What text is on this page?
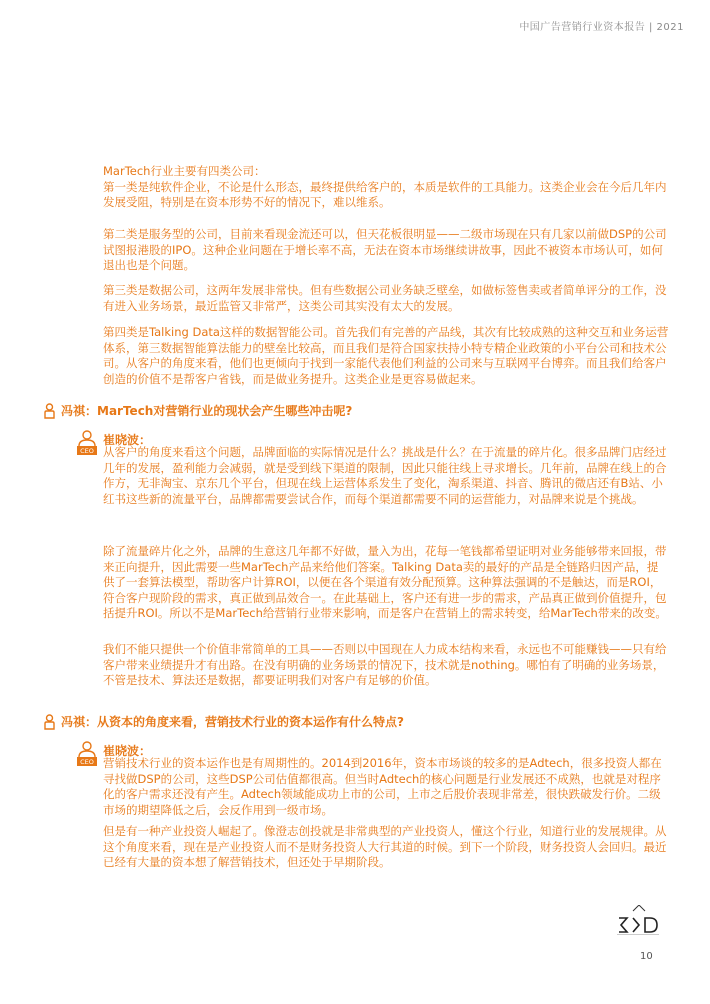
中国广告营销行业资本报告 | 2021

MarTech行业主要有四类公司：
第一类是纯软件企业，不论是什么形态，最终提供给客户的，本质是软件的工具能力。这类企业会在今后几年内发展受阻，特别是在资本形势不好的情况下，难以维系。

第二类是服务型的公司，目前来看现金流还可以，但天花板很明显——二级市场现在只有几家以前做DSP的公司试图报港股的IPO。这种企业问题在于增长率不高，无法在资本市场继续讲故事，因此不被资本市场认可，如何退出也是个问题。

第三类是数据公司，这两年发展非常快。但有些数据公司业务缺乏壁垒，如做标签售卖或者简单评分的工作，没有进入业务场景，最近监管又非常严，这类公司其实没有太大的发展。

第四类是Talking Data这样的数据智能公司。首先我们有完善的产品线，其次有比较成熟的这种交互和业务运营体系，第三数据智能算法能力的壁垒比较高，而且我们是符合国家扶持小特专精企业政策的小平台公司和技术公司。从客户的角度来看，他们也更倾向于找到一家能代表他们利益的公司来与互联网平台博弈。而且我们给客户创造的价值不是帮客户省钱，而是做业务提升。这类企业是更容易做起来。

冯祺：MarTech对营销行业的现状会产生哪些冲击呢?
CEO
崔晓波：

从客户的角度来看这个问题，品牌面临的实际情况是什么？挑战是什么？在于流量的碎片化。很多品牌门店经过几年的发展，盈利能力会减弱，就是受到线下渠道的限制，因此只能往线上寻求增长。几年前，品牌在线上的合作方，无非淘宝、京东几个平台，但现在线上运营体系发生了变化，淘系渠道、抖音、腾讯的微店还有B站、小红书这些新的流量平台，品牌都需要尝试合作，而每个渠道都需要不同的运营能力，对品牌来说是个挑战。

除了流量碎片化之外，品牌的生意这几年都不好做，量入为出，花每一笔钱都希望证明对业务能够带来回报，带来正向提升，因此需要一些MarTech产品来给他们答案。Talking Data卖的最好的产品是全链路归因产品，提供了一套算法模型，帮助客户计算ROI，以便在各个渠道有效分配预算。这种算法强调的不是触达，而是ROI，符合客户现阶段的需求，真正做到品效合一。在此基础上，客户还有进一步的需求，产品真正做到价值提升，包括提升ROI。所以不是MarTech给营销行业带来影响，而是客户在营销上的需求转变，给MarTech带来的改变。

我们不能只提供一个价值非常简单的工具——否则以中国现在人力成本结构来看，永远也不可能赚钱——只有给客户带来业绩提升才有出路。在没有明确的业务场景的情况下，技术就是nothing。哪怕有了明确的业务场景，不管是技术、算法还是数据，都要证明我们对客户有足够的价值。

冯祺：从资本的角度来看，营销技术行业的资本运作有什么特点?
CEO
崔晓波：

营销技术行业的资本运作也是有周期性的。2014到2016年，资本市场谈的较多的是Adtech，很多投资人都在寻找做DSP的公司，这些DSP公司估值都很高。但当时Adtech的核心问题是行业发展还不成熟，也就是对程序化的客户需求还没有产生。Adtech领域能成功上市的公司，上市之后股价表现非常差，很快跌破发行价。二级市场的期望降低之后，会反作用到一级市场。

但是有一种产业投资人崛起了。像澄志创投就是非常典型的产业投资人，懂这个行业，知道行业的发展规律。从这个角度来看，现在是产业投资人而不是财务投资人大行其道的时候。到下一个阶段，财务投资人会回归。最近已经有大量的资本想了解营销技术，但还处于早期阶段。

10
